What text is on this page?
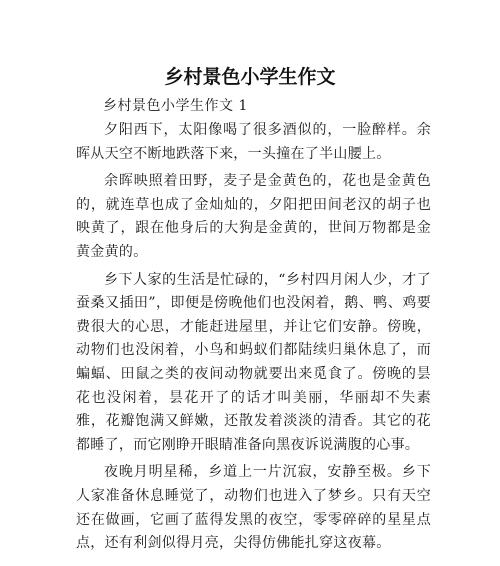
乡村景色小学生作文
乡村景色小学生作文 1

夕阳西下，太阳像喝了很多酒似的，一脸醉样。余晖从天空不断地跌落下来，一头撞在了半山腰上。

余晖映照着田野，麦子是金黄色的，花也是金黄色的，就连草也成了金灿灿的，夕阳把田间老汉的胡子也映黄了，跟在他身后的大狗是金黄的，世间万物都是金黄金黄的。

乡下人家的生活是忙碌的，“乡村四月闲人少，才了蚕桑又插田”，即便是傍晚他们也没闲着，鹅、鸭、鸡要费很大的心思，才能赶进屋里，并让它们安静。傍晚，动物们也没闲着，小鸟和蚂蚁们都陆续归巢休息了，而蝙蝠、田鼠之类的夜间动物就要出来觅食了。傍晚的昙花也没闲着，昙花开了的话才叫美丽，华丽却不失素雅，花瓣饱满又鲜嫩，还散发着淡淡的清香。其它的花都睡了，而它刚睁开眼睛准备向黑夜诉说满腹的心事。

夜晚月明星稀，乡道上一片沉寂，安静至极。乡下人家准备休息睡觉了，动物们也进入了梦乡。只有天空还在做画，它画了蓝得发黑的夜空，零零碎碎的星星点点，还有利剑似得月亮，尖得仿佛能扎穿这夜幕。
